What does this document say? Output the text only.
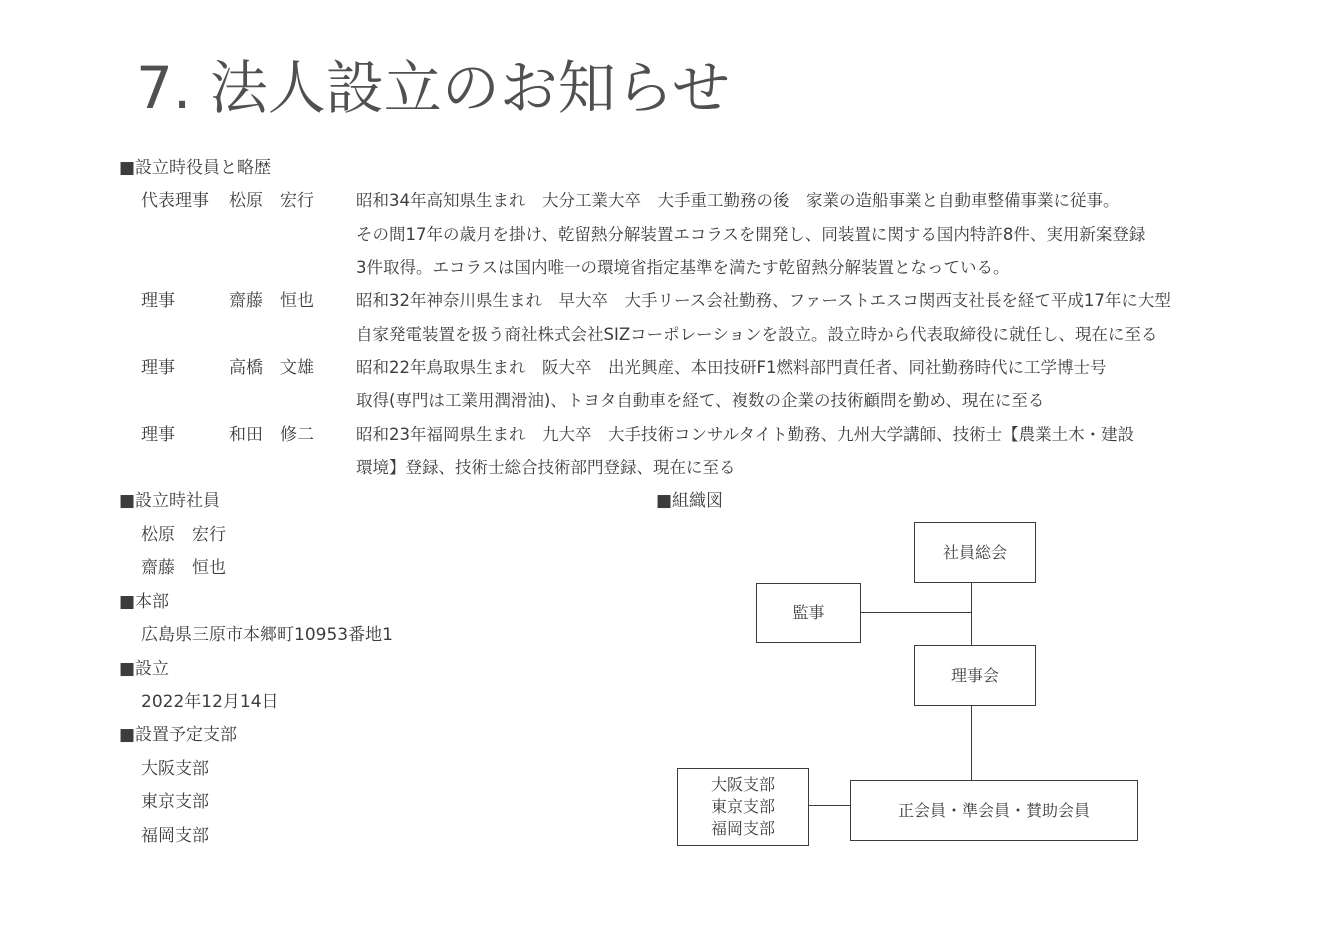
7. 法人設立のお知らせ
■設立時役員と略歴
代表理事 松原　宏行	昭和34年高知県生まれ　大分工業大卒　大手重工勤務の後　家業の造船事業と自動車整備事業に従事。
その間17年の歳月を掛け、乾留熱分解装置エコラスを開発し、同装置に関する国内特許8件、実用新案登録
3件取得。エコラスは国内唯一の環境省指定基準を満たす乾留熱分解装置となっている。
理事	齋藤　恒也	昭和32年神奈川県生まれ　早大卒　大手リース会社勤務、ファーストエスコ関西支社長を経て平成17年に大型
自家発電装置を扱う商社株式会社SIZコーポレーションを設立。設立時から代表取締役に就任し、現在に至る
理事	高橋　文雄	昭和22年鳥取県生まれ　阪大卒　出光興産、本田技研F1燃料部門責任者、同社勤務時代に工学博士号
取得(専門は工業用潤滑油)、トヨタ自動車を経て、複数の企業の技術顧問を勤め、現在に至る
理事	和田　修二	昭和23年福岡県生まれ　九大卒　大手技術コンサルタイト勤務、九州大学講師、技術士【農業土木・建設
環境】登録、技術士総合技術部門登録、現在に至る
■設立時社員
松原　宏行
齋藤　恒也
■本部
広島県三原市本郷町10953番地1
■設立
2022年12月14日
■設置予定支部
大阪支部
東京支部
福岡支部
■組織図
社員総会
監事
理事会
正会員・準会員・賛助会員
大阪支部
東京支部
福岡支部
